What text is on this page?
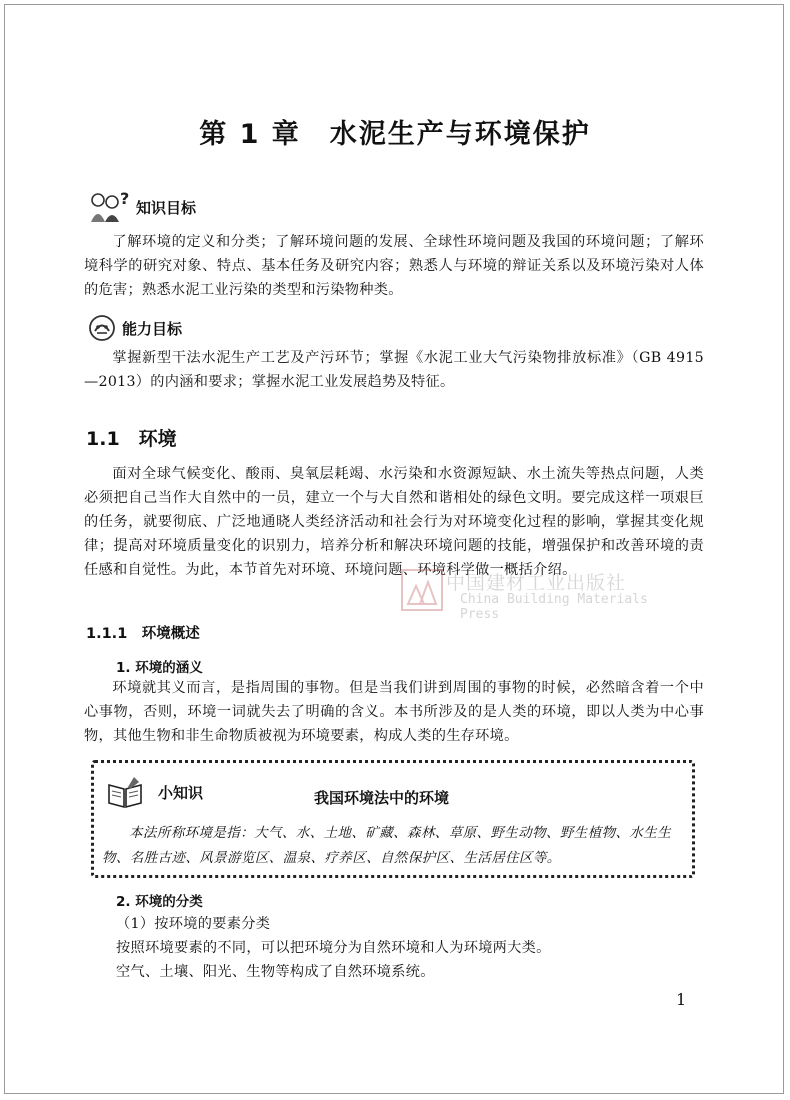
第 1 章　水泥生产与环境保护
? 知识目标
了解环境的定义和分类；了解环境问题的发展、全球性环境问题及我国的环境问题；了解环境科学的研究对象、特点、基本任务及研究内容；熟悉人与环境的辩证关系以及环境污染对人体的危害；熟悉水泥工业污染的类型和污染物种类。
能力目标
掌握新型干法水泥生产工艺及产污环节；掌握《水泥工业大气污染物排放标准》（GB 4915—2013）的内涵和要求；掌握水泥工业发展趋势及特征。
1.1　环境
面对全球气候变化、酸雨、臭氧层耗竭、水污染和水资源短缺、水土流失等热点问题，人类必须把自己当作大自然中的一员，建立一个与大自然和谐相处的绿色文明。要完成这样一项艰巨的任务，就要彻底、广泛地通晓人类经济活动和社会行为对环境变化过程的影响，掌握其变化规律；提高对环境质量变化的识别力，培养分析和解决环境问题的技能，增强保护和改善环境的责任感和自觉性。为此，本节首先对环境、环境问题、环境科学做一概括介绍。
中国建材工业出版社
China Building Materials Press
1.1.1　环境概述
1. 环境的涵义
环境就其义而言，是指周围的事物。但是当我们讲到周围的事物的时候，必然暗含着一个中心事物，否则，环境一词就失去了明确的含义。本书所涉及的是人类的环境，即以人类为中心事物，其他生物和非生命物质被视为环境要素，构成人类的生存环境。
小知识	我国环境法中的环境
本法所称环境是指：大气、水、土地、矿藏、森林、草原、野生动物、野生植物、水生生物、名胜古迹、风景游览区、温泉、疗养区、自然保护区、生活居住区等。
2. 环境的分类
（1）按环境的要素分类
按照环境要素的不同，可以把环境分为自然环境和人为环境两大类。
空气、土壤、阳光、生物等构成了自然环境系统。
1
